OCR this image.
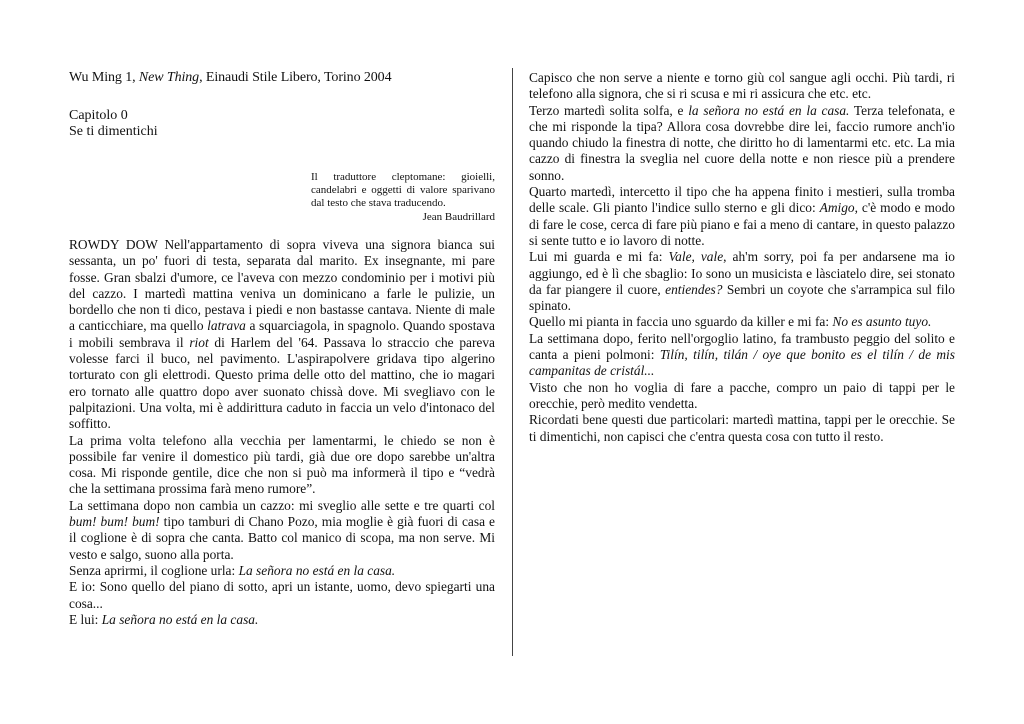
Wu Ming 1, New Thing, Einaudi Stile Libero, Torino 2004

Capitolo 0
Se ti dimentichi
Il traduttore cleptomane: gioielli, candelabri e oggetti di valore sparivano dal testo che stava traducendo.
Jean Baudrillard

ROWDY DOW Nell'appartamento di sopra viveva una signora bianca sui sessanta, un po' fuori di testa, separata dal marito. Ex insegnante, mi pare fosse. Gran sbalzi d'umore, ce l'aveva con mezzo condominio per i motivi più del cazzo. I martedì mattina veniva un dominicano a farle le pulizie, un bordello che non ti dico, pestava i piedi e non bastasse cantava. Niente di male a canticchiare, ma quello latrava a squarciagola, in spagnolo. Quando spostava i mobili sembrava il riot di Harlem del '64. Passava lo straccio che pareva volesse farci il buco, nel pavimento. L'aspirapolvere gridava tipo algerino torturato con gli elettrodi. Questo prima delle otto del mattino, che io magari ero tornato alle quattro dopo aver suonato chissà dove. Mi svegliavo con le palpitazioni. Una volta, mi è addirittura caduto in faccia un velo d'intonaco del soffitto.

La prima volta telefono alla vecchia per lamentarmi, le chiedo se non è possibile far venire il domestico più tardi, già due ore dopo sarebbe un'altra cosa. Mi risponde gentile, dice che non si può ma informerà il tipo e “vedrà che la settimana prossima farà meno rumore”.

La settimana dopo non cambia un cazzo: mi sveglio alle sette e tre quarti col bum! bum! bum! tipo tamburi di Chano Pozo, mia moglie è già fuori di casa e il coglione è di sopra che canta. Batto col manico di scopa, ma non serve. Mi vesto e salgo, suono alla porta.

Senza aprirmi, il coglione urla: La señora no está en la casa.

E io: Sono quello del piano di sotto, apri un istante, uomo, devo spiegarti una cosa...

E lui: La señora no está en la casa.

Capisco che non serve a niente e torno giù col sangue agli occhi. Più tardi, ri telefono alla signora, che si ri scusa e mi ri assicura che etc. etc.

Terzo martedì solita solfa, e la señora no está en la casa. Terza telefonata, e che mi risponde la tipa? Allora cosa dovrebbe dire lei, faccio rumore anch'io quando chiudo la finestra di notte, che diritto ho di lamentarmi etc. etc. La mia cazzo di finestra la sveglia nel cuore della notte e non riesce più a prendere sonno.

Quarto martedì, intercetto il tipo che ha appena finito i mestieri, sulla tromba delle scale. Gli pianto l'indice sullo sterno e gli dico: Amigo, c'è modo e modo di fare le cose, cerca di fare più piano e fai a meno di cantare, in questo palazzo si sente tutto e io lavoro di notte.

Lui mi guarda e mi fa: Vale, vale, ah'm sorry, poi fa per andarsene ma io aggiungo, ed è lì che sbaglio: Io sono un musicista e làsciatelo dire, sei stonato da far piangere il cuore, entiendes? Sembri un coyote che s'arrampica sul filo spinato.

Quello mi pianta in faccia uno sguardo da killer e mi fa: No es asunto tuyo.

La settimana dopo, ferito nell'orgoglio latino, fa trambusto peggio del solito e canta a pieni polmoni: Tilín, tilín, tilán / oye que bonito es el tilín / de mis campanitas de cristál...

Visto che non ho voglia di fare a pacche, compro un paio di tappi per le orecchie, però medito vendetta.

Ricordati bene questi due particolari: martedì mattina, tappi per le orecchie. Se ti dimentichi, non capisci che c'entra questa cosa con tutto il resto.
